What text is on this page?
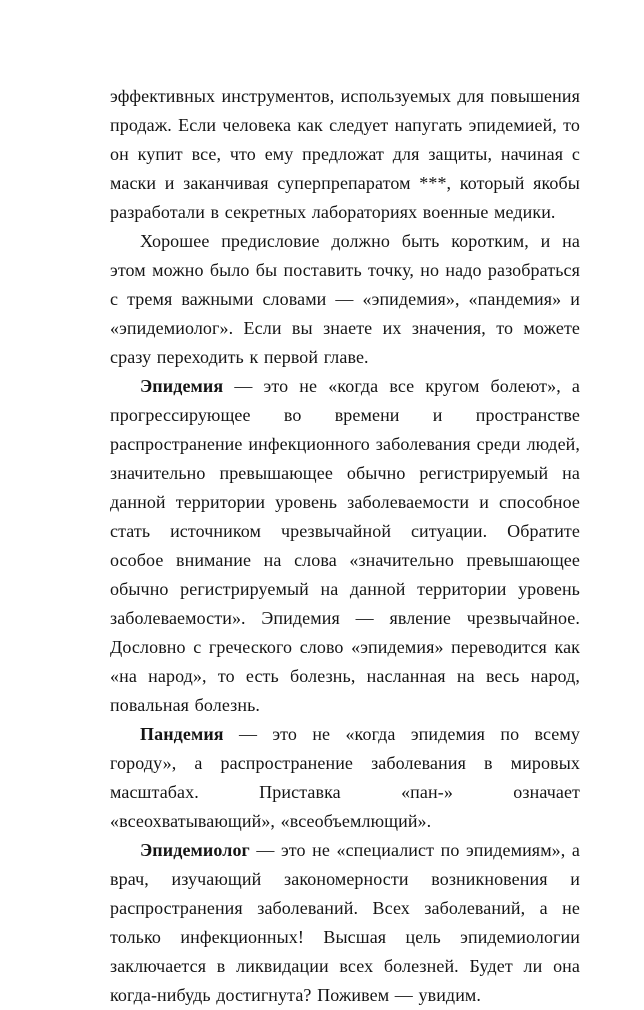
эффективных инструментов, используемых для повышения продаж. Если человека как следует напугать эпидемией, то он купит все, что ему предложат для защиты, начиная с маски и заканчивая суперпрепаратом ***, который якобы разработали в секретных лабораториях военные медики.

Хорошее предисловие должно быть коротким, и на этом можно было бы поставить точку, но надо разобраться с тремя важными словами — «эпидемия», «пандемия» и «эпидемиолог». Если вы знаете их значения, то можете сразу переходить к первой главе.

Эпидемия — это не «когда все кругом болеют», а прогрессирующее во времени и пространстве распространение инфекционного заболевания среди людей, значительно превышающее обычно регистрируемый на данной территории уровень заболеваемости и способное стать источником чрезвычайной ситуации. Обратите особое внимание на слова «значительно превышающее обычно регистрируемый на данной территории уровень заболеваемости». Эпидемия — явление чрезвычайное. Дословно с греческого слово «эпидемия» переводится как «на народ», то есть болезнь, насланная на весь народ, повальная болезнь.

Пандемия — это не «когда эпидемия по всему городу», а распространение заболевания в мировых масштабах. Приставка «пан-» означает «всеохватывающий», «всеобъемлющий».

Эпидемиолог — это не «специалист по эпидемиям», а врач, изучающий закономерности возникновения и распространения заболеваний. Всех заболеваний, а не только инфекционных! Высшая цель эпидемиологии заключается в ликвидации всех болезней. Будет ли она когда-нибудь достигнута? Поживем — увидим.
